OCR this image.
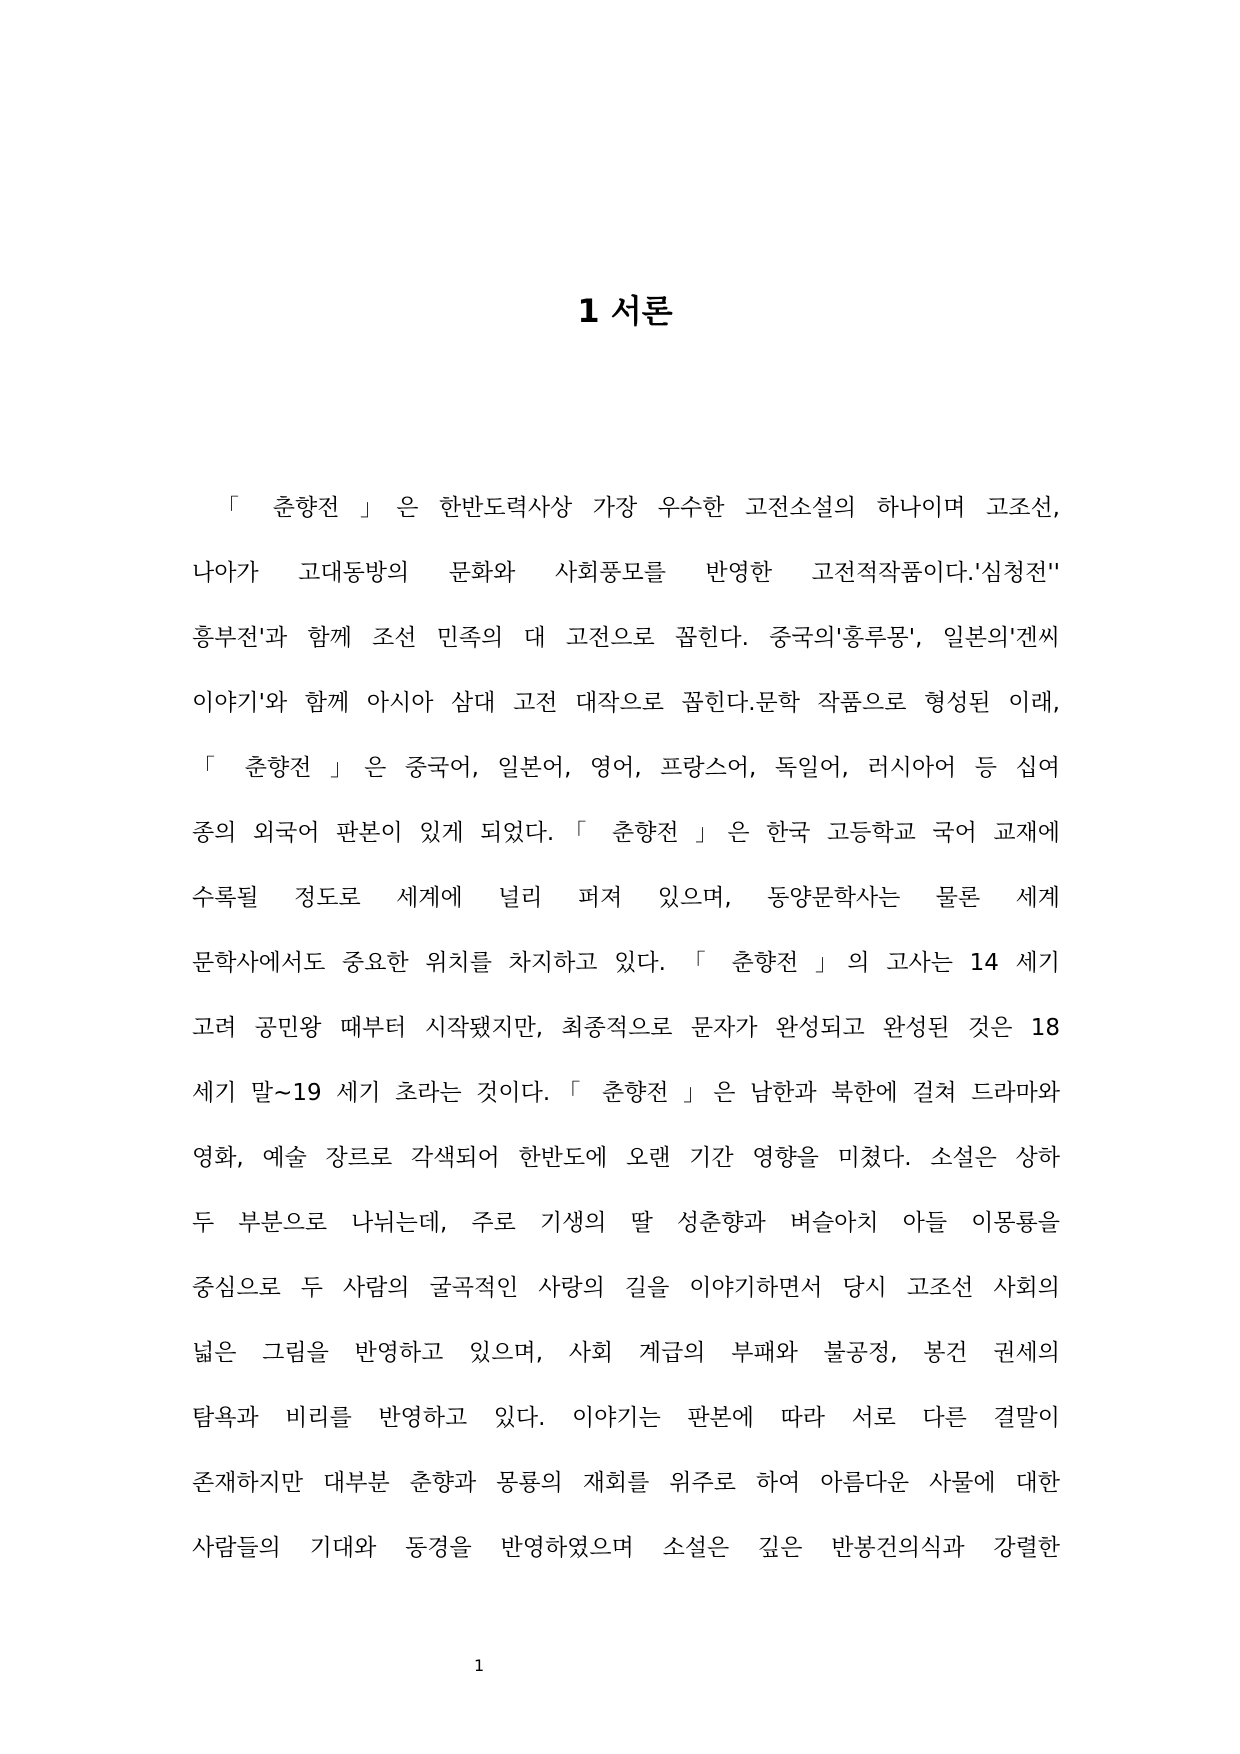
1 서론
「 춘향전 」은 한반도력사상 가장 우수한 고전소설의 하나이며 고조선,
나아가 고대동방의 문화와 사회풍모를 반영한 고전적작품이다.'심청전''
흥부전'과 함께 조선 민족의 대 고전으로 꼽힌다. 중국의'홍루몽', 일본의'겐씨
이야기'와 함께 아시아 삼대 고전 대작으로 꼽힌다.문학 작품으로 형성된 이래,
「 춘향전 」은 중국어, 일본어, 영어, 프랑스어, 독일어, 러시아어 등 십여
종의 외국어 판본이 있게 되었다.「 춘향전 」은 한국 고등학교 국어 교재에
수록될 정도로 세계에 널리 퍼져 있으며, 동양문학사는 물론 세계
문학사에서도 중요한 위치를 차지하고 있다. 「 춘향전 」의 고사는 14 세기
고려 공민왕 때부터 시작됐지만, 최종적으로 문자가 완성되고 완성된 것은 18
세기 말~19 세기 초라는 것이다.「 춘향전 」은 남한과 북한에 걸쳐 드라마와
영화, 예술 장르로 각색되어 한반도에 오랜 기간 영향을 미쳤다. 소설은 상하
두 부분으로 나뉘는데, 주로 기생의 딸 성춘향과 벼슬아치 아들 이몽룡을
중심으로 두 사람의 굴곡적인 사랑의 길을 이야기하면서 당시 고조선 사회의
넓은 그림을 반영하고 있으며, 사회 계급의 부패와 불공정, 봉건 권세의
탐욕과 비리를 반영하고 있다. 이야기는 판본에 따라 서로 다른 결말이
존재하지만 대부분 춘향과 몽룡의 재회를 위주로 하여 아름다운 사물에 대한
사람들의 기대와 동경을 반영하였으며 소설은 깊은 반봉건의식과 강렬한
1
